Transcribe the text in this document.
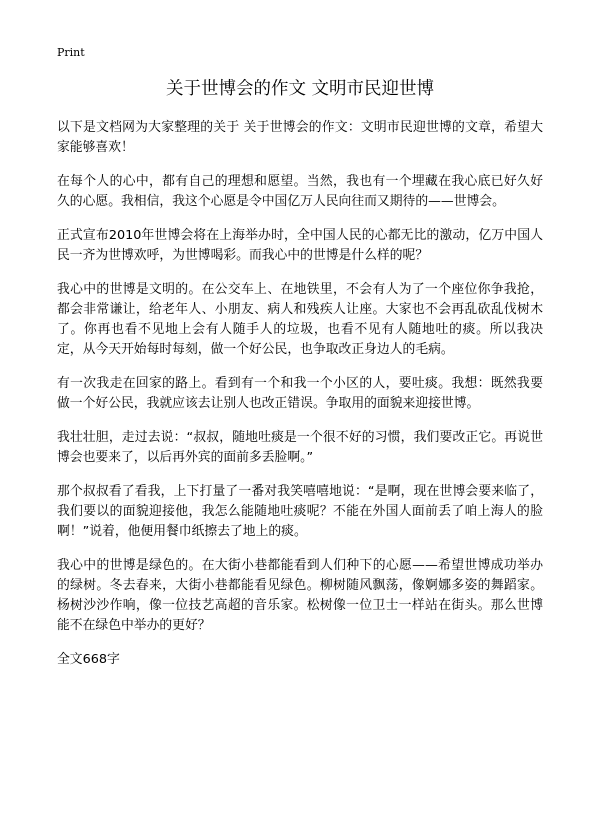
Print
关于世博会的作文 文明市民迎世博

以下是文档网为大家整理的关于 关于世博会的作文：文明市民迎世博的文章，希望大家能够喜欢！

在每个人的心中，都有自己的理想和愿望。当然，我也有一个埋藏在我心底已好久好久的心愿。我相信，我这个心愿是令中国亿万人民向往而又期待的——世博会。

正式宣布2010年世博会将在上海举办时，全中国人民的心都无比的激动，亿万中国人民一齐为世博欢呼，为世博喝彩。而我心中的世博是什么样的呢？

我心中的世博是文明的。在公交车上、在地铁里，不会有人为了一个座位你争我抢，都会非常谦让，给老年人、小朋友、病人和残疾人让座。大家也不会再乱砍乱伐树木了。你再也看不见地上会有人随手人的垃圾，也看不见有人随地吐的痰。所以我决定，从今天开始每时每刻，做一个好公民，也争取改正身边人的毛病。

有一次我走在回家的路上。看到有一个和我一个小区的人，要吐痰。我想：既然我要做一个好公民，我就应该去让别人也改正错误。争取用的面貌来迎接世博。

我壮壮胆，走过去说：“叔叔，随地吐痰是一个很不好的习惯，我们要改正它。再说世博会也要来了，以后再外宾的面前多丢脸啊。”

那个叔叔看了看我，上下打量了一番对我笑嘻嘻地说：“是啊，现在世博会要来临了，我们要以的面貌迎接他，我怎么能随地吐痰呢？不能在外国人面前丢了咱上海人的脸啊！”说着，他便用餐巾纸擦去了地上的痰。

我心中的世博是绿色的。在大街小巷都能看到人们种下的心愿——希望世博成功举办的绿树。冬去春来，大街小巷都能看见绿色。柳树随风飘荡，像婀娜多姿的舞蹈家。杨树沙沙作响，像一位技艺高超的音乐家。松树像一位卫士一样站在街头。那么世博能不在绿色中举办的更好？

全文668字
